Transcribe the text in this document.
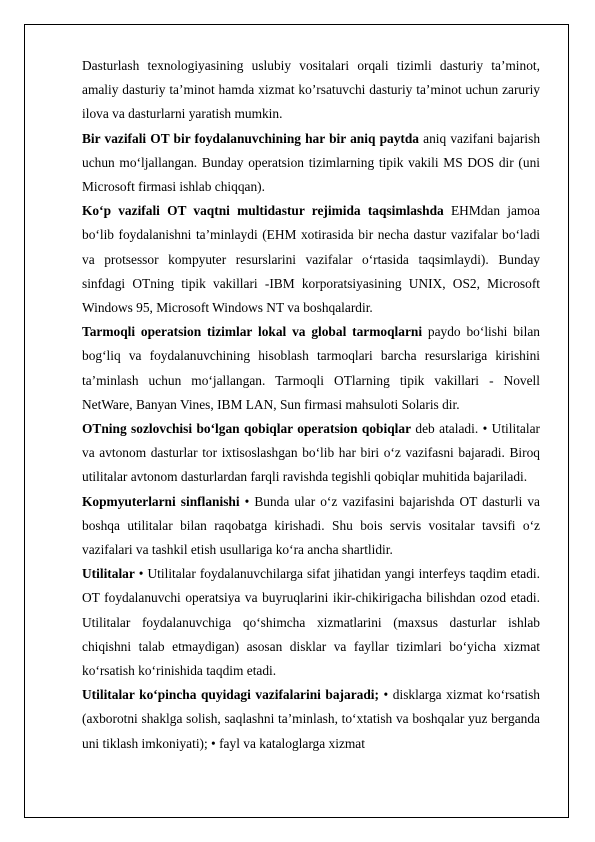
Dasturlash texnologiyasining uslubiy vositalari orqali tizimli dasturiy ta’minot, amaliy dasturiy ta’minot hamda xizmat ko’rsatuvchi dasturiy ta’minot uchun zaruriy ilova va dasturlarni yaratish mumkin.

Bir vazifali OT bir foydalanuvchining har bir aniq paytda aniq vazifani bajarish uchun mo‘ljallangan. Bunday operatsion tizimlarning tipik vakili MS DOS dir (uni Microsoft firmasi ishlab chiqqan).

Ko‘p vazifali OT vaqtni multidastur rejimida taqsimlashda EHMdan jamoa bo‘lib foydalanishni ta’minlaydi (EHM xotirasida bir necha dastur vazifalar bo‘ladi va protsessor kompyuter resurslarini vazifalar o‘rtasida taqsimlaydi). Bunday sinfdagi OTning tipik vakillari -IBM korporatsiyasining UNIX, OS2, Microsoft Windows 95, Microsoft Windows NT va boshqalardir.

Tarmoqli operatsion tizimlar lokal va global tarmoqlarni paydo bo‘lishi bilan bog‘liq va foydalanuvchining hisoblash tarmoqlari barcha resurslariga kirishini ta’minlash uchun mo‘jallangan. Tarmoqli OTlarning tipik vakillari - Novell NetWare, Banyan Vines, IBM LAN, Sun firmasi mahsuloti Solaris dir.

OTning sozlovchisi bo‘lgan qobiqlar operatsion qobiqlar deb ataladi. • Utilitalar va avtonom dasturlar tor ixtisoslashgan bo‘lib har biri o‘z vazifasni bajaradi. Biroq utilitalar avtonom dasturlardan farqli ravishda tegishli qobiqlar muhitida bajariladi.

Kopmyuterlarni sinflanishi • Bunda ular o‘z vazifasini bajarishda OT dasturli va boshqa utilitalar bilan raqobatga kirishadi. Shu bois servis vositalar tavsifi o‘z vazifalari va tashkil etish usullariga ko‘ra ancha shartlidir.

Utilitalar • Utilitalar foydalanuvchilarga sifat jihatidan yangi interfeys taqdim etadi. OT foydalanuvchi operatsiya va buyruqlarini ikir-chikirigacha bilishdan ozod etadi. Utilitalar foydalanuvchiga qo‘shimcha xizmatlarini (maxsus dasturlar ishlab chiqishni talab etmaydigan) asosan disklar va fayllar tizimlari bo‘yicha xizmat ko‘rsatish ko‘rinishida taqdim etadi.

Utilitalar ko‘pincha quyidagi vazifalarini bajaradi; • disklarga xizmat ko‘rsatish (axborotni shaklga solish, saqlashni ta’minlash, to‘xtatish va boshqalar yuz berganda uni tiklash imkoniyati); • fayl va kataloglarga xizmat
